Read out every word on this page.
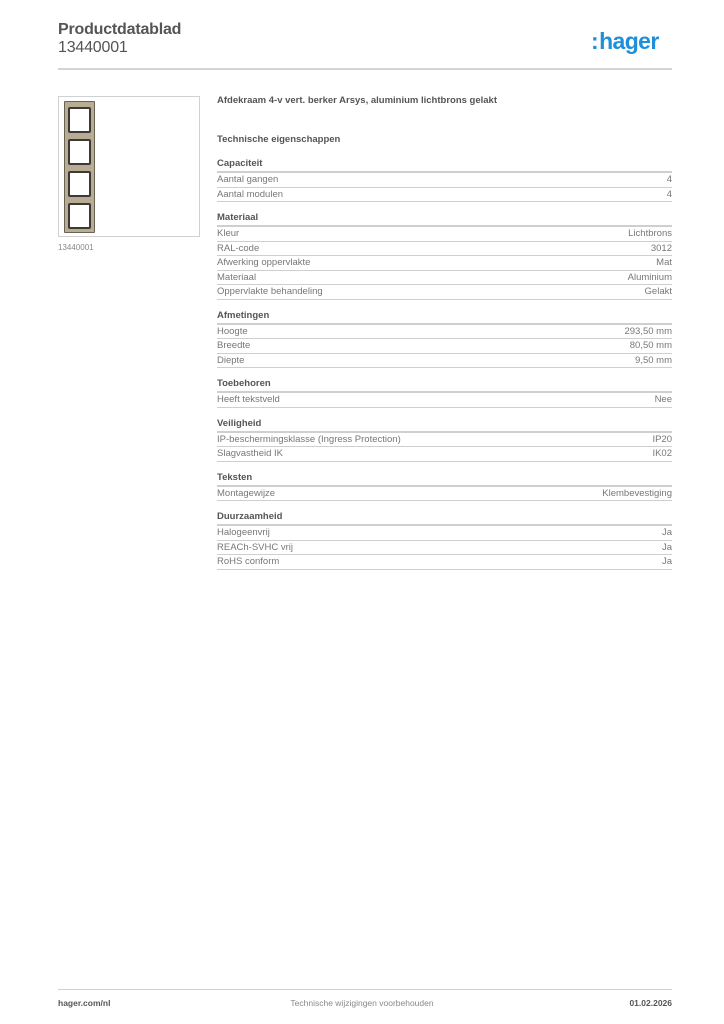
Productdatablad
13440001	:hager
13440001
Afdekraam 4-v vert. berker Arsys, aluminium lichtbrons gelakt
Technische eigenschappen
Capaciteit
Aantal gangen	4
Aantal modulen	4
Materiaal
Kleur	Lichtbrons
RAL-code	3012
Afwerking oppervlakte	Mat
Materiaal	Aluminium
Oppervlakte behandeling	Gelakt
Afmetingen
Hoogte	293,50 mm
Breedte	80,50 mm
Diepte	9,50 mm
Toebehoren
Heeft tekstveld	Nee
Veiligheid
IP-beschermingsklasse (Ingress Protection)	IP20
Slagvastheid IK	IK02
Teksten
Montagewijze	Klembevestiging
Duurzaamheid
Halogeenvrij	Ja
REACh-SVHC vrij	Ja
RoHS conform	Ja
hager.com/nl	Technische wijzigingen voorbehouden	01.02.2026
